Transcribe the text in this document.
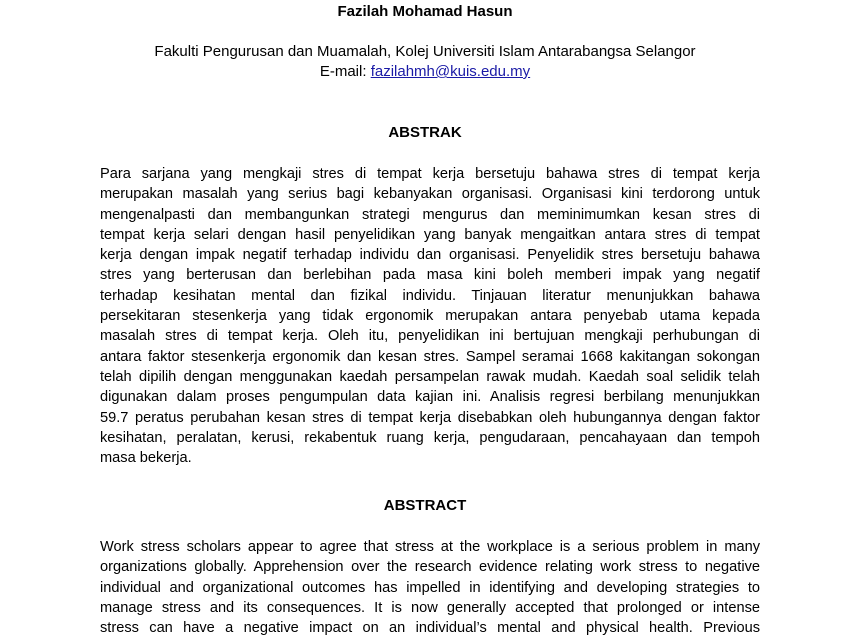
Fazilah Mohamad Hasun
Fakulti Pengurusan dan Muamalah, Kolej Universiti Islam Antarabangsa Selangor
E-mail: fazilahmh@kuis.edu.my
ABSTRAK
Para sarjana yang mengkaji stres di tempat kerja bersetuju bahawa stres di tempat kerja
merupakan masalah yang serius bagi kebanyakan organisasi. Organisasi kini terdorong untuk
mengenalpasti dan membangunkan strategi mengurus dan meminimumkan kesan stres di
tempat kerja selari dengan hasil penyelidikan yang banyak mengaitkan antara stres di tempat
kerja dengan impak negatif terhadap individu dan organisasi. Penyelidik stres bersetuju bahawa
stres yang berterusan dan berlebihan pada masa kini boleh memberi impak yang negatif
terhadap kesihatan mental dan fizikal individu. Tinjauan literatur menunjukkan bahawa
persekitaran stesenkerja yang tidak ergonomik merupakan antara penyebab utama kepada
masalah stres di tempat kerja. Oleh itu, penyelidikan ini bertujuan mengkaji perhubungan di
antara faktor stesenkerja ergonomik dan kesan stres. Sampel seramai 1668 kakitangan sokongan
telah dipilih dengan menggunakan kaedah persampelan rawak mudah. Kaedah soal selidik telah
digunakan dalam proses pengumpulan data kajian ini. Analisis regresi berbilang menunjukkan
59.7 peratus perubahan kesan stres di tempat kerja disebabkan oleh hubungannya dengan faktor
kesihatan, peralatan, kerusi, rekabentuk ruang kerja, pengudaraan, pencahayaan dan tempoh
masa bekerja.
ABSTRACT
Work stress scholars appear to agree that stress at the workplace is a serious problem in many
organizations globally. Apprehension over the research evidence relating work stress to negative
individual and organizational outcomes has impelled in identifying and developing strategies to
manage stress and its consequences. It is now generally accepted that prolonged or intense
stress can have a negative impact on an individual’s mental and physical health. Previous
